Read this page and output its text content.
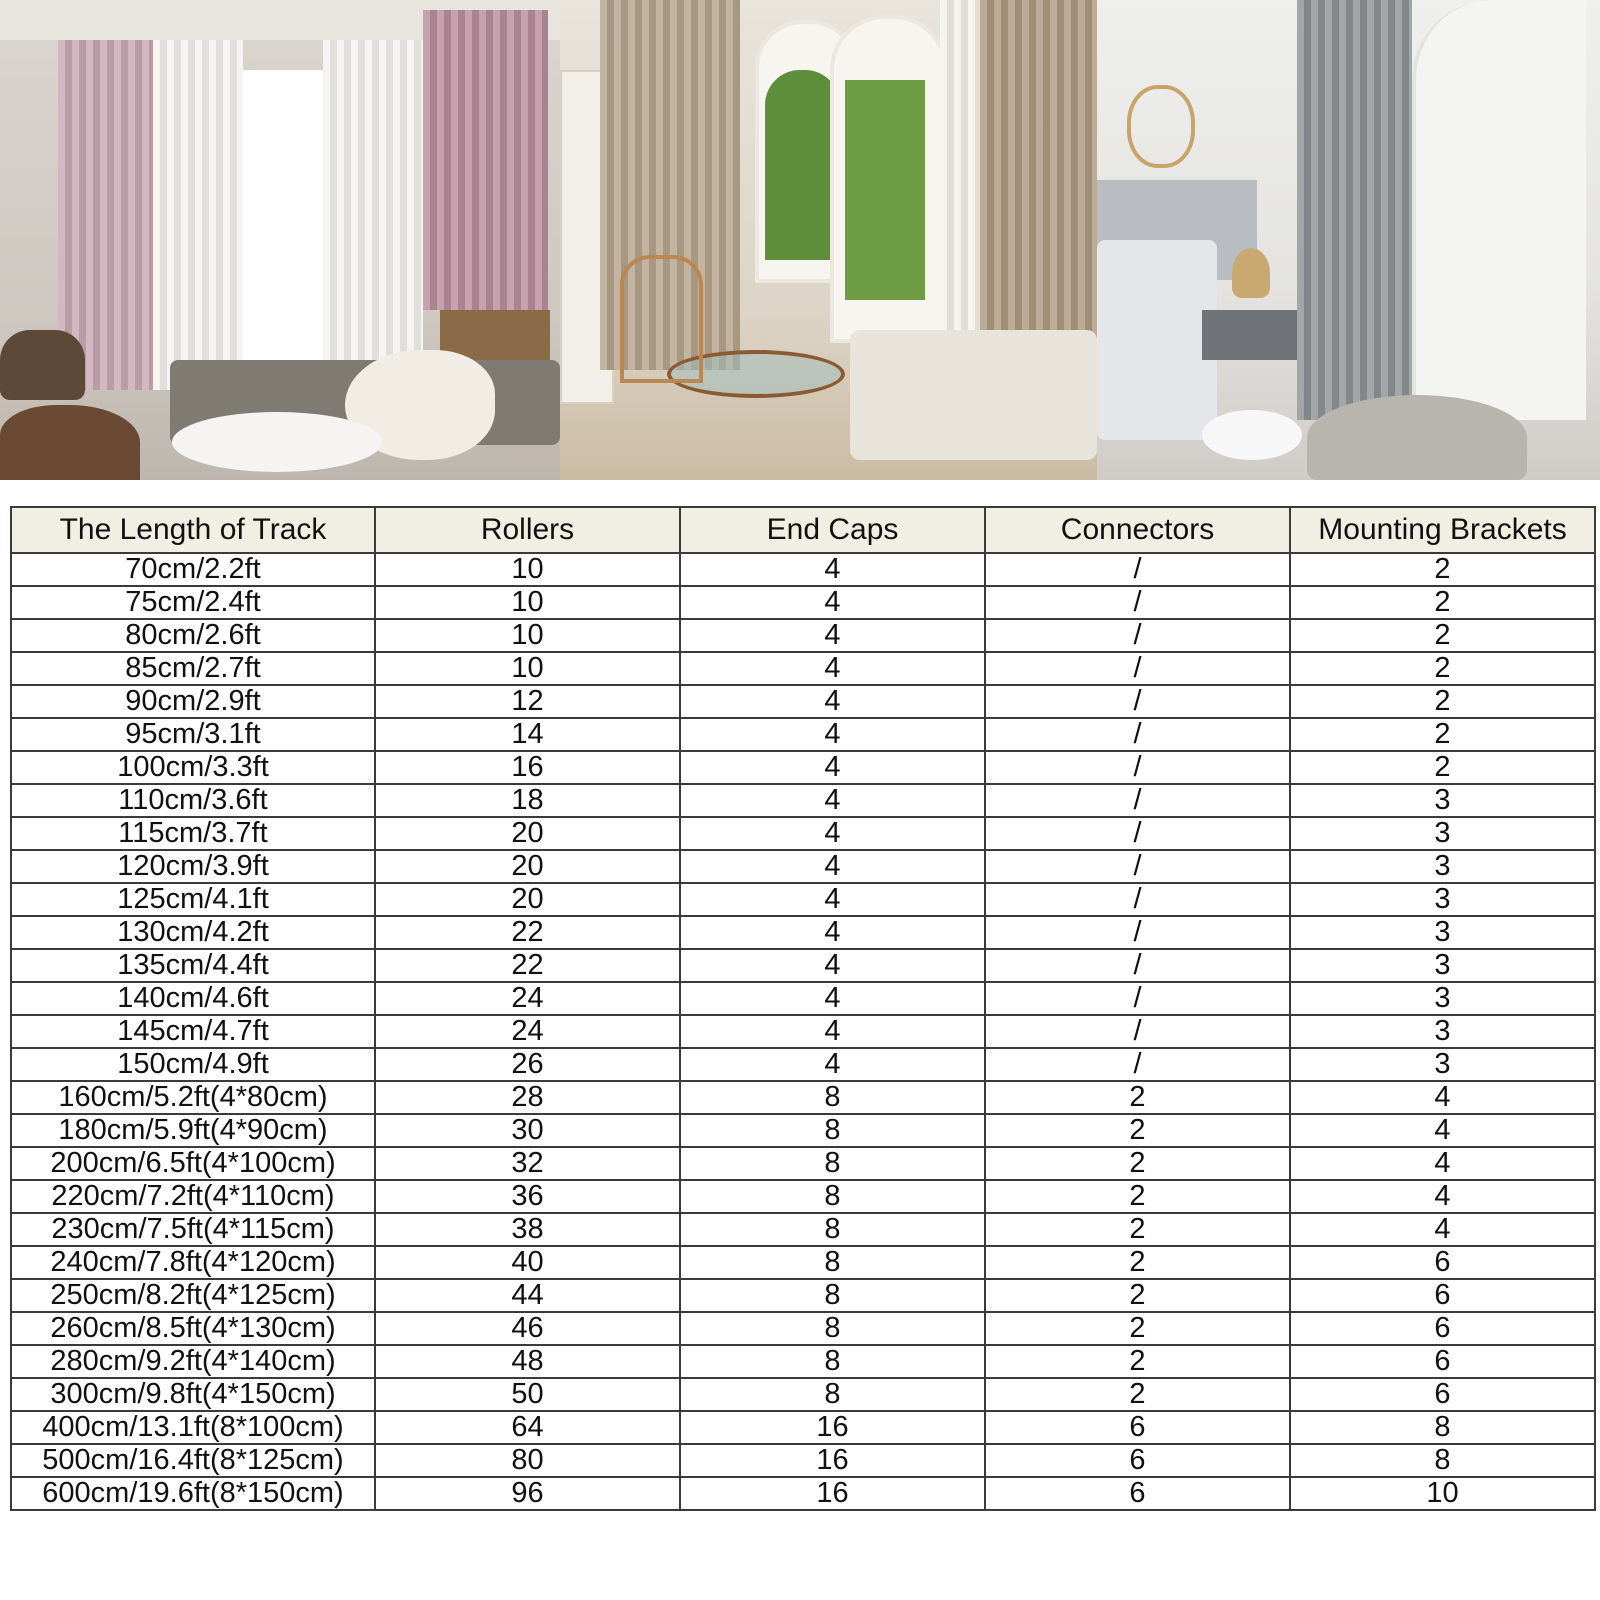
The Length of Track	Rollers	End Caps	Connectors	Mounting Brackets
70cm/2.2ft	10	4	/	2
75cm/2.4ft	10	4	/	2
80cm/2.6ft	10	4	/	2
85cm/2.7ft	10	4	/	2
90cm/2.9ft	12	4	/	2
95cm/3.1ft	14	4	/	2
100cm/3.3ft	16	4	/	2
110cm/3.6ft	18	4	/	3
115cm/3.7ft	20	4	/	3
120cm/3.9ft	20	4	/	3
125cm/4.1ft	20	4	/	3
130cm/4.2ft	22	4	/	3
135cm/4.4ft	22	4	/	3
140cm/4.6ft	24	4	/	3
145cm/4.7ft	24	4	/	3
150cm/4.9ft	26	4	/	3
160cm/5.2ft(4*80cm)	28	8	2	4
180cm/5.9ft(4*90cm)	30	8	2	4
200cm/6.5ft(4*100cm)	32	8	2	4
220cm/7.2ft(4*110cm)	36	8	2	4
230cm/7.5ft(4*115cm)	38	8	2	4
240cm/7.8ft(4*120cm)	40	8	2	6
250cm/8.2ft(4*125cm)	44	8	2	6
260cm/8.5ft(4*130cm)	46	8	2	6
280cm/9.2ft(4*140cm)	48	8	2	6
300cm/9.8ft(4*150cm)	50	8	2	6
400cm/13.1ft(8*100cm)	64	16	6	8
500cm/16.4ft(8*125cm)	80	16	6	8
600cm/19.6ft(8*150cm)	96	16	6	10
